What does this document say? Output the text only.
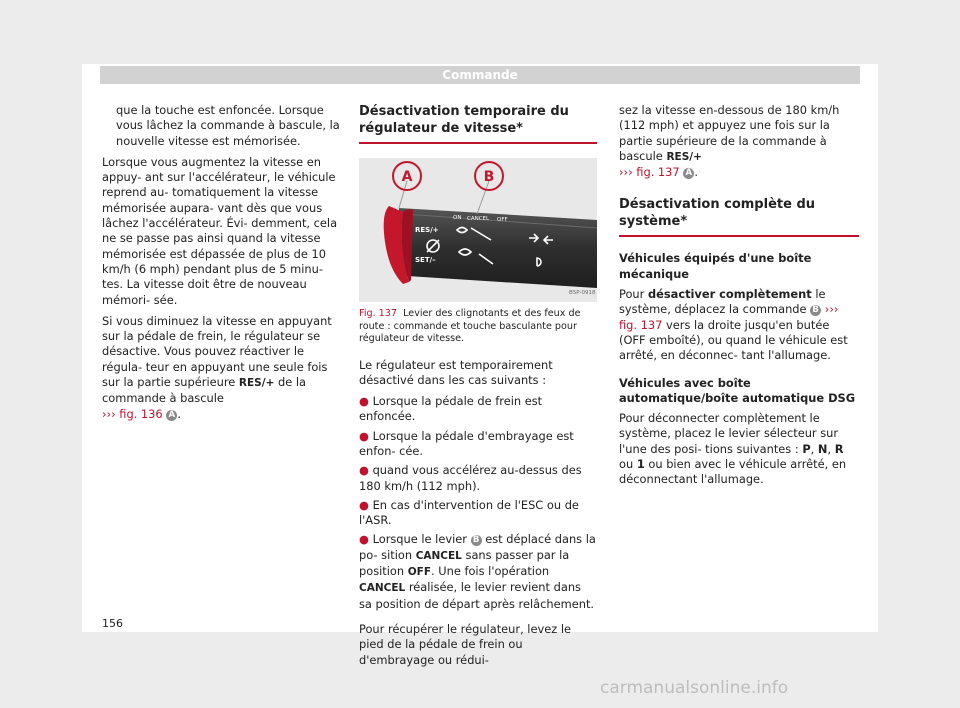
Commande

que la touche est enfoncée. Lorsque vous lâchez la commande à bascule, la nouvelle vitesse est mémorisée.

Lorsque vous augmentez la vitesse en appuy- ant sur l'accélérateur, le véhicule reprend au- tomatiquement la vitesse mémorisée aupara- vant dès que vous lâchez l'accélérateur. Évi- demment, cela ne se passe pas ainsi quand la vitesse mémorisée est dépassée de plus de 10 km/h (6 mph) pendant plus de 5 minu- tes. La vitesse doit être de nouveau mémori- sée.

Si vous diminuez la vitesse en appuyant sur la pédale de frein, le régulateur se désactive. Vous pouvez réactiver le régula- teur en appuyant une seule fois sur la partie supérieure RES/+ de la commande à bascule
››› fig. 136 A .

Désactivation temporaire du régulateur de vitesse*
A	B
ON CANCEL OFF
RES/+
SET/–
B5P-0918
Fig. 137 Levier des clignotants et des feux de route : commande et touche basculante pour régulateur de vitesse.

Le régulateur est temporairement désactivé dans les cas suivants :

● Lorsque la pédale de frein est enfoncée.

● Lorsque la pédale d'embrayage est enfon- cée.

● quand vous accélérez au-dessus des 180 km/h (112 mph).

● En cas d'intervention de l'ESC ou de l'ASR.

● Lorsque le levier B est déplacé dans la po- sition CANCEL sans passer par la position OFF. Une fois l'opération CANCEL réalisée, le levier revient dans sa position de départ après relâchement.

Pour récupérer le régulateur, levez le pied de la pédale de frein ou d'embrayage ou rédui-

sez la vitesse en-dessous de 180 km/h (112 mph) et appuyez une fois sur la partie supérieure de la commande à bascule RES/+
››› fig. 137 A .

Désactivation complète du système*

Véhicules équipés d'une boîte mécanique

Pour désactiver complètement le système, déplacez la commande B ››› fig. 137 vers la droite jusqu'en butée (OFF emboîté), ou quand le véhicule est arrêté, en déconnec- tant l'allumage.

Véhicules avec boîte automatique/boîte automatique DSG

Pour déconnecter complètement le système, placez le levier sélecteur sur l'une des posi- tions suivantes : P, N, R ou 1 ou bien avec le véhicule arrêté, en déconnectant l'allumage.

156
carmanualsonline.info
